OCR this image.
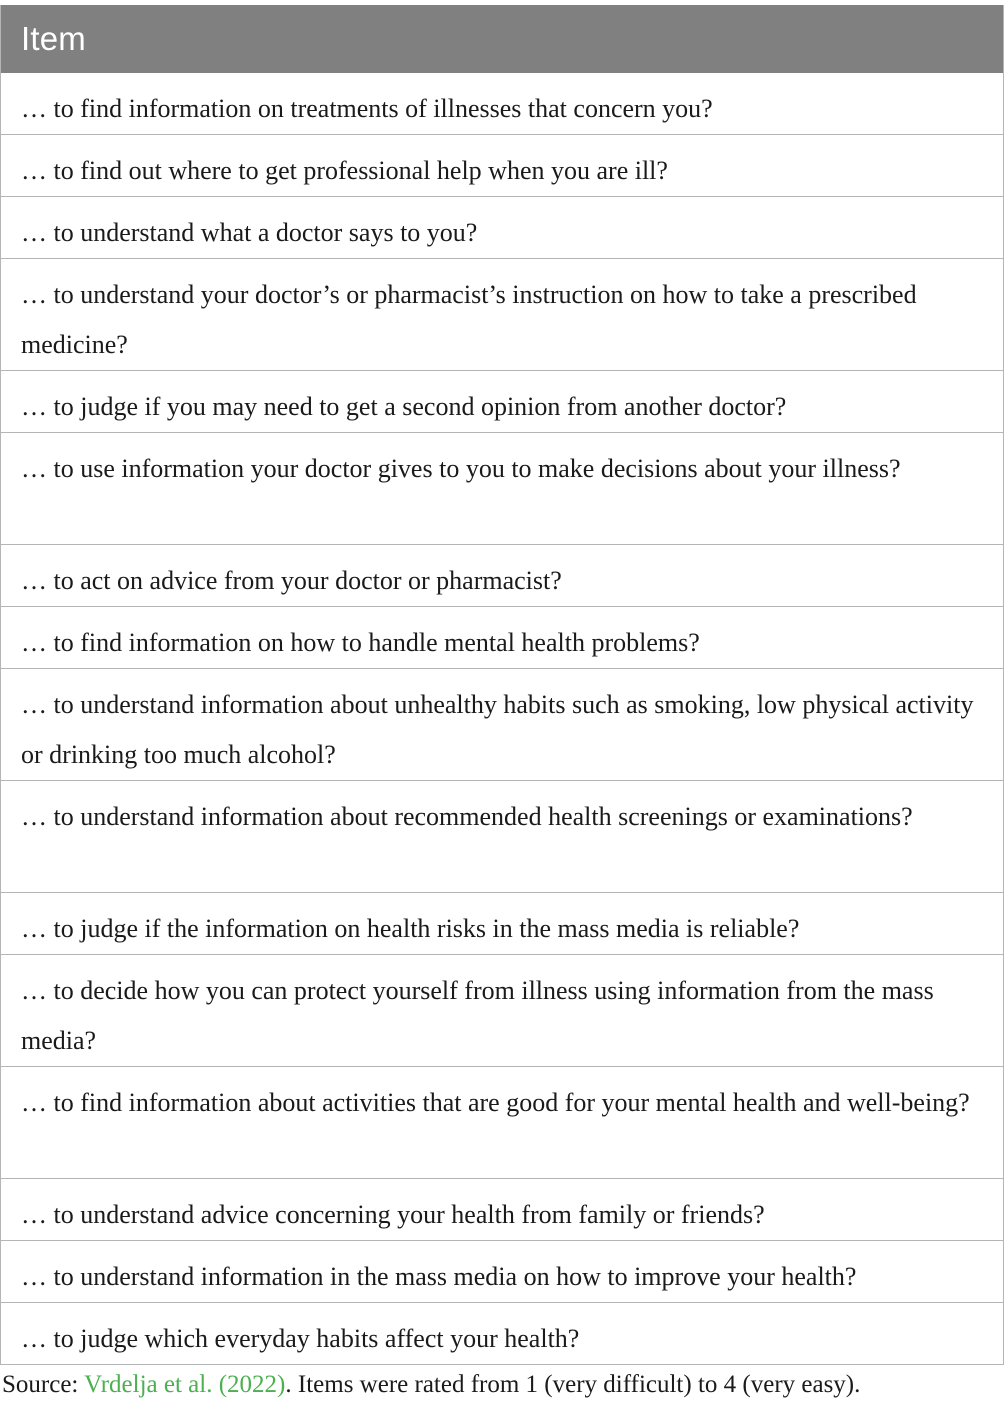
Item
… to find information on treatments of illnesses that concern you?
… to find out where to get professional help when you are ill?
… to understand what a doctor says to you?
… to understand your doctor’s or pharmacist’s instruction on how to take a prescribed medicine?
… to judge if you may need to get a second opinion from another doctor?
… to use information your doctor gives to you to make decisions about your illness?
… to act on advice from your doctor or pharmacist?
… to find information on how to handle mental health problems?
… to understand information about unhealthy habits such as smoking, low physical activity or drinking too much alcohol?
… to understand information about recommended health screenings or examinations?
… to judge if the information on health risks in the mass media is reliable?
… to decide how you can protect yourself from illness using information from the mass media?
… to find information about activities that are good for your mental health and well-being?
… to understand advice concerning your health from family or friends?
… to understand information in the mass media on how to improve your health?
… to judge which everyday habits affect your health?
Source: Vrdelja et al. (2022). Items were rated from 1 (very difficult) to 4 (very easy).
